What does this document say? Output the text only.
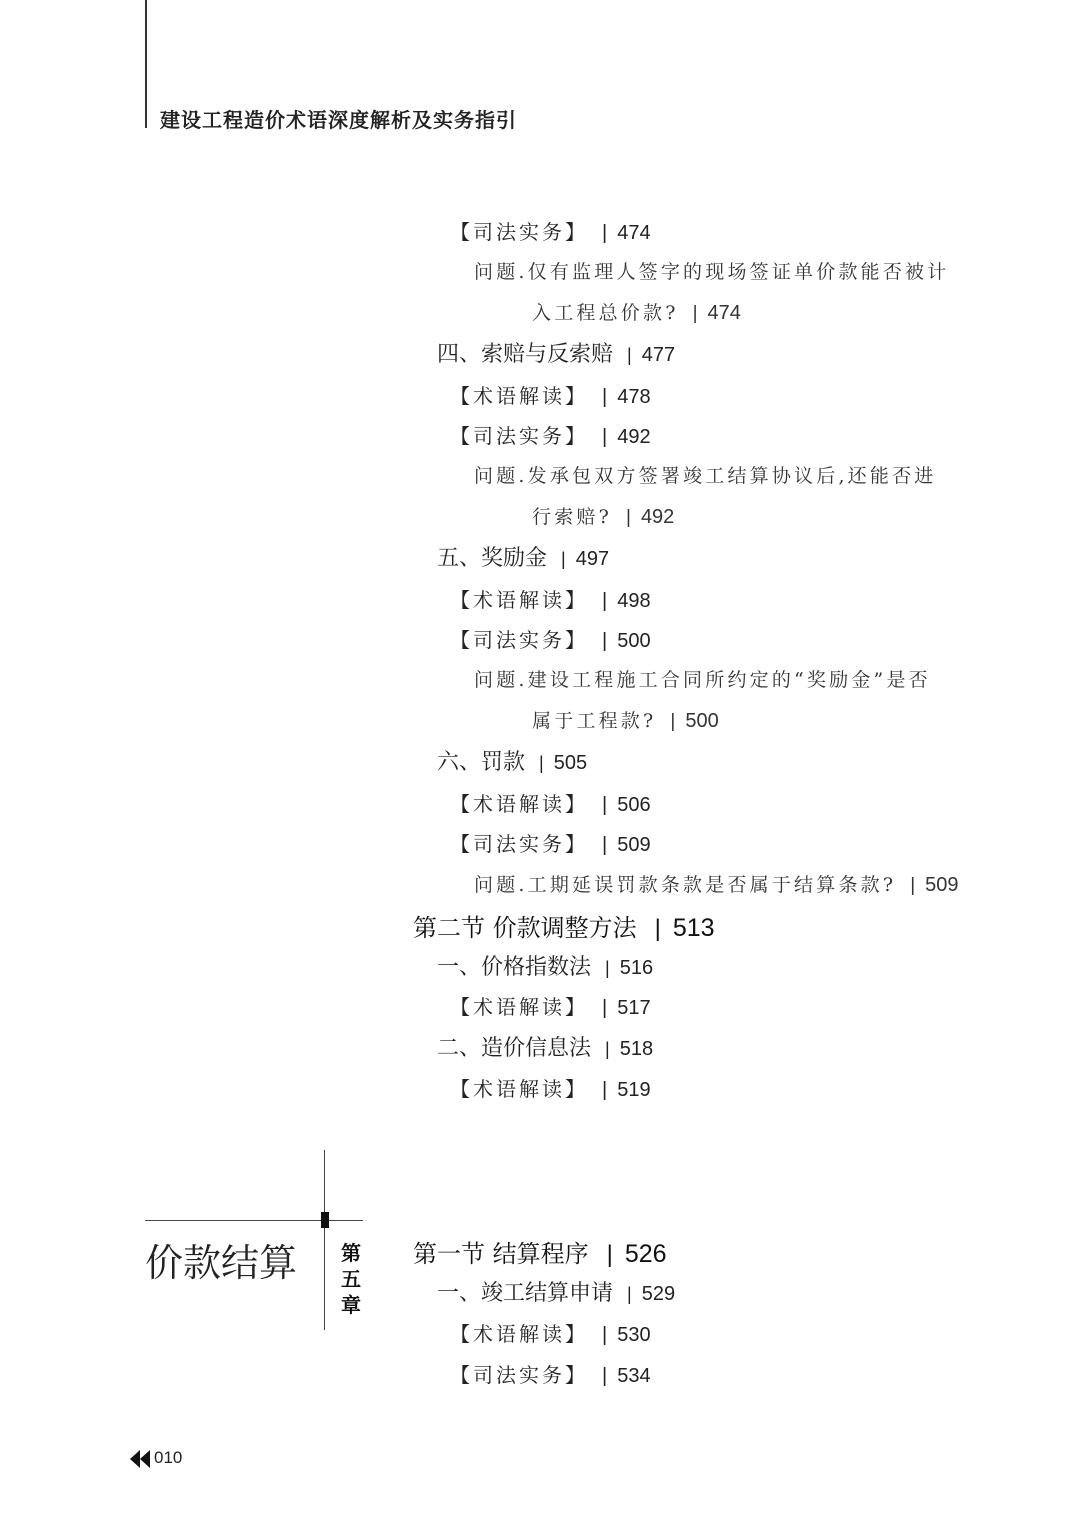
建设工程造价术语深度解析及实务指引
【司法实务】 | 474
问题.仅有监理人签字的现场签证单价款能否被计
入工程总价款? | 474
四、索赔与反索赔 | 477
【术语解读】 | 478
【司法实务】 | 492
问题.发承包双方签署竣工结算协议后,还能否进
行索赔? | 492
五、奖励金 | 497
【术语解读】 | 498
【司法实务】 | 500
问题.建设工程施工合同所约定的“奖励金”是否
属于工程款? | 500
六、罚款 | 505
【术语解读】 | 506
【司法实务】 | 509
问题.工期延误罚款条款是否属于结算条款? | 509
第二节 价款调整方法 | 513
一、价格指数法 | 516
【术语解读】 | 517
二、造价信息法 | 518
【术语解读】 | 519
价款结算 第
五
章
第一节 结算程序 | 526
一、竣工结算申请 | 529
【术语解读】 | 530
【司法实务】 | 534
010
